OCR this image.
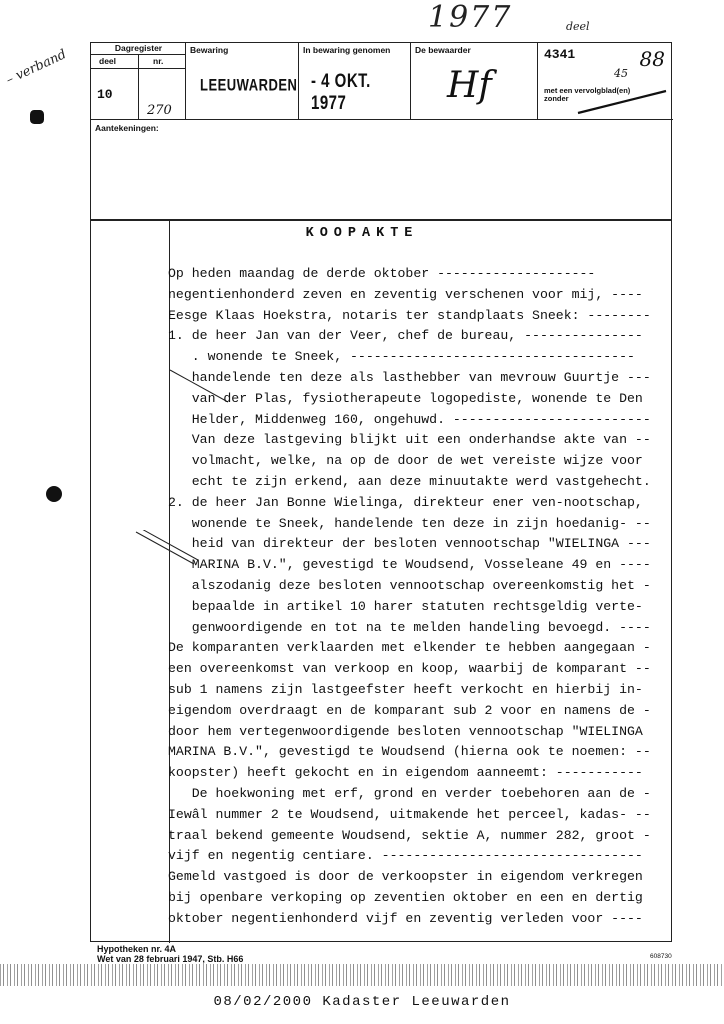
1977
– verband
deel
Dagregister
deel	nr.
10
270
Bewaring
LEEUWARDEN
In bewaring genomen
- 4 OKT. 1977
De bewaarder
Hf
4341
45
88
met een vervolgblad(en)
zonder
Aantekeningen:
KOOPAKTE
Op heden maandag de derde oktober --------------------
negentienhonderd zeven en zeventig verschenen voor mij, ----
Eesge Klaas Hoekstra, notaris ter standplaats Sneek: --------
1. de heer Jan van der Veer, chef de bureau, ---------------
. wonende te Sneek, ------------------------------------
handelende ten deze als lasthebber van mevrouw Guurtje ---
van der Plas, fysiotherapeute logopediste, wonende te Den
Helder, Middenweg 160, ongehuwd. -------------------------
Van deze lastgeving blijkt uit een onderhandse akte van --
volmacht, welke, na op de door de wet vereiste wijze voor
echt te zijn erkend, aan deze minuutakte werd vastgehecht.
2. de heer Jan Bonne Wielinga, direkteur ener ven-nootschap,
wonende te Sneek, handelende ten deze in zijn hoedanig- --
heid van direkteur der besloten vennootschap "WIELINGA ---
MARINA B.V.", gevestigd te Woudsend, Vosseleane 49 en ----
alszodanig deze besloten vennootschap overeenkomstig het -
bepaalde in artikel 10 harer statuten rechtsgeldig verte-
genwoordigende en tot na te melden handeling bevoegd. ----
De komparanten verklaarden met elkender te hebben aangegaan -
een overeenkomst van verkoop en koop, waarbij de komparant --
sub 1 namens zijn lastgeefster heeft verkocht en hierbij in-
eigendom overdraagt en de komparant sub 2 voor en namens de -
door hem vertegenwoordigende besloten vennootschap "WIELINGA
MARINA B.V.", gevestigd te Woudsend (hierna ook te noemen: --
koopster) heeft gekocht en in eigendom aanneemt: -----------
De hoekwoning met erf, grond en verder toebehoren aan de -
Iewâl nummer 2 te Woudsend, uitmakende het perceel, kadas- --
traal bekend gemeente Woudsend, sektie A, nummer 282, groot -
vijf en negentig centiare. ---------------------------------
Gemeld vastgoed is door de verkoopster in eigendom verkregen
bij openbare verkoping op zeventien oktober en een en dertig
oktober negentienhonderd vijf en zeventig verleden voor ----
Hypotheken nr. 4A
Wet van 28 februari 1947, Stb. H66	608730
08/02/2000 Kadaster Leeuwarden
